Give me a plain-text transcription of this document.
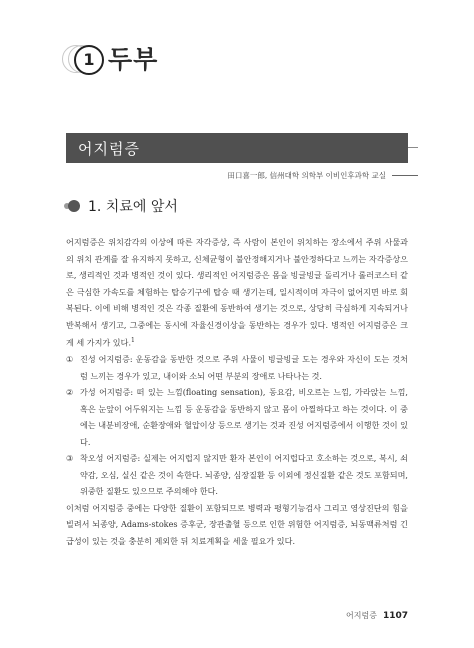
1 두부
어지럼증
田口喜一郎, 信州대학 의학부 이비인후과학 교실
1. 치료에 앞서

어지럼증은 위치감각의 이상에 따른 자각증상, 즉 사람이 본인이 위치하는 장소에서 주위 사물과의 위치 관계를 잘 유지하지 못하고, 신체균형이 불안정해지거나 불안정하다고 느끼는 자각증상으로, 생리적인 것과 병적인 것이 있다. 생리적인 어지럼증은 몸을 빙글빙글 돌리거나 롤러코스터 같은 극심한 가속도를 체험하는 탑승기구에 탑승 때 생기는데, 일시적이며 자극이 없어지면 바로 회복된다. 이에 비해 병적인 것은 각종 질환에 동반하여 생기는 것으로, 상당히 극심하게 지속되거나 반복해서 생기고, 그중에는 동시에 자율신경이상을 동반하는 경우가 있다. 병적인 어지럼증은 크게 세 가지가 있다.$^1$

① 진성 어지럼증: 운동감을 동반한 것으로 주위 사물이 빙글빙글 도는 경우와 자신이 도는 것처럼 느끼는 경우가 있고, 내이와 소뇌 어떤 부분의 장애로 나타나는 것.
② 가성 어지럼증: 떠 있는 느낌(floating sensation), 동요감, 비오르는 느낌, 가라앉는 느낌, 혹은 눈앞이 어두워지는 느낌 등 운동감을 동반하지 않고 몸이 아찔하다고 하는 것이다. 이 중에는 내분비장애, 순환장애와 혈압이상 등으로 생기는 것과 진성 어지럼증에서 이행한 것이 있다.
③ 착오성 어지럼증: 실제는 어지럽지 않지만 환자 본인이 어지럽다고 호소하는 것으로, 복시, 쇠약감, 오심, 실신 같은 것이 속한다. 뇌종양, 심장질환 등 이외에 정신질환 같은 것도 포함되며, 위중한 질환도 있으므로 주의해야 한다.

이처럼 어지럼증 중에는 다양한 질환이 포함되므로 병력과 평형기능검사 그리고 영상진단의 힘을 빌려서 뇌종양, Adams-stokes 증후군, 장관출혈 등으로 인한 위험한 어지럼증, 뇌동맥류처럼 긴급성이 있는 것을 충분히 제외한 뒤 치료계획을 세울 필요가 있다.

어지럼증 1107
